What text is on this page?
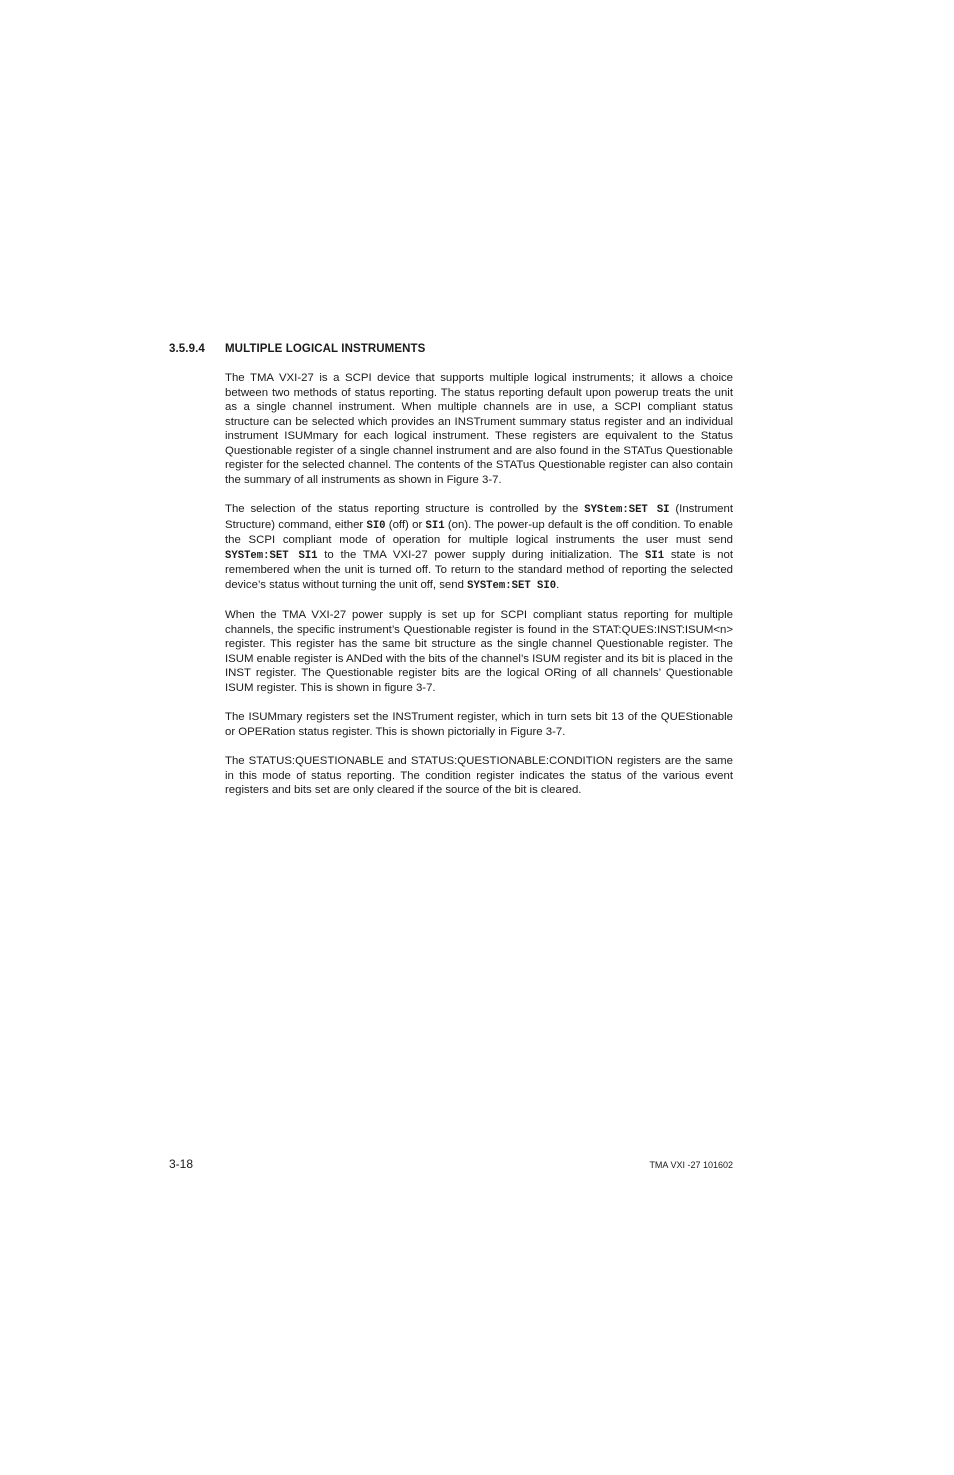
3.5.9.4 MULTIPLE LOGICAL INSTRUMENTS

The TMA VXI-27 is a SCPI device that supports multiple logical instruments; it allows a choice between two methods of status reporting. The status reporting default upon powerup treats the unit as a single channel instrument. When multiple channels are in use, a SCPI compliant status structure can be selected which provides an INSTrument summary status register and an individual instrument ISUMmary for each logical instrument. These registers are equivalent to the Status Questionable register of a single channel instrument and are also found in the STATus Questionable register for the selected channel. The contents of the STATus Questionable register can also contain the summary of all instruments as shown in Figure 3-7.

The selection of the status reporting structure is controlled by the SYStem:SET SI (Instrument Structure) command, either SI0 (off) or SI1 (on). The power-up default is the off condition. To enable the SCPI compliant mode of operation for multiple logical instruments the user must send SYSTem:SET SI1 to the TMA VXI-27 power supply during initialization. The SI1 state is not remembered when the unit is turned off. To return to the standard method of reporting the selected device’s status without turning the unit off, send SYSTem:SET SI0.

When the TMA VXI-27 power supply is set up for SCPI compliant status reporting for multiple channels, the specific instrument’s Questionable register is found in the STAT:QUES:INST:ISUM<n> register. This register has the same bit structure as the single channel Questionable register. The ISUM enable register is ANDed with the bits of the channel’s ISUM register and its bit is placed in the INST register. The Questionable register bits are the logical ORing of all channels’ Questionable ISUM register. This is shown in figure 3-7.

The ISUMmary registers set the INSTrument register, which in turn sets bit 13 of the QUEStionable or OPERation status register. This is shown pictorially in Figure 3-7.

The STATUS:QUESTIONABLE and STATUS:QUESTIONABLE:CONDITION registers are the same in this mode of status reporting. The condition register indicates the status of the various event registers and bits set are only cleared if the source of the bit is cleared.

3-18	TMA VXI -27 101602
